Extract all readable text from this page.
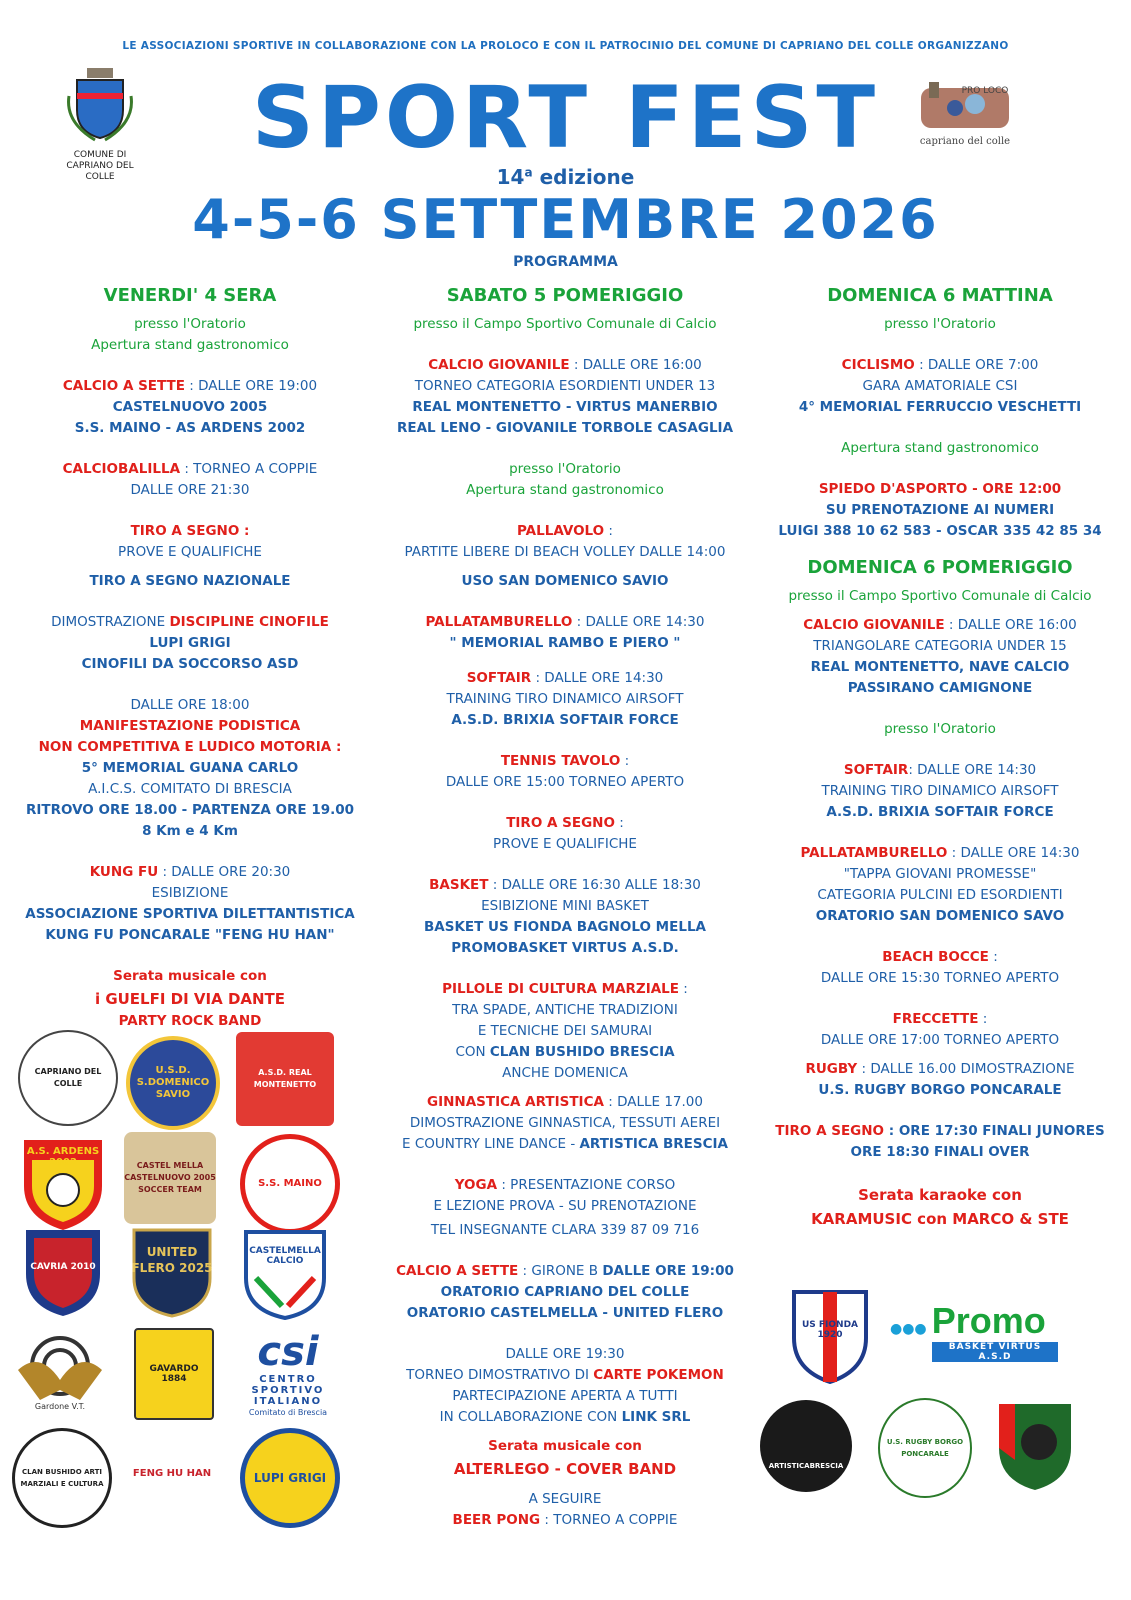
LE ASSOCIAZIONI SPORTIVE IN COLLABORAZIONE CON LA PROLOCO E CON IL PATROCINIO DEL COMUNE DI CAPRIANO DEL COLLE ORGANIZZANO
COMUNE DI
CAPRIANO DEL COLLE
PRO LOCO
capriano del colle
SPORT FEST
14$^a$ edizione
4-5-6 SETTEMBRE 2026
PROGRAMMA
VENERDI' 4 SERA
presso l'Oratorio
Apertura stand gastronomico
CALCIO A SETTE : DALLE ORE 19:00
CASTELNUOVO 2005
S.S. MAINO - AS ARDENS 2002
CALCIOBALILLA : TORNEO A COPPIE
DALLE ORE 21:30
TIRO A SEGNO :
PROVE E QUALIFICHE
TIRO A SEGNO NAZIONALE
DIMOSTRAZIONE DISCIPLINE CINOFILE
LUPI GRIGI
CINOFILI DA SOCCORSO ASD
DALLE ORE 18:00
MANIFESTAZIONE PODISTICA
NON COMPETITIVA E LUDICO MOTORIA :
5° MEMORIAL GUANA CARLO
A.I.C.S. COMITATO DI BRESCIA
RITROVO ORE 18.00 - PARTENZA ORE 19.00
8 Km e 4 Km
KUNG FU : DALLE ORE 20:30
ESIBIZIONE
ASSOCIAZIONE SPORTIVA DILETTANTISTICA
KUNG FU PONCARALE "FENG HU HAN"
Serata musicale con
i GUELFI DI VIA DANTE
PARTY ROCK BAND
SABATO 5 POMERIGGIO
presso il Campo Sportivo Comunale di Calcio
CALCIO GIOVANILE : DALLE ORE 16:00
TORNEO CATEGORIA ESORDIENTI UNDER 13
REAL MONTENETTO - VIRTUS MANERBIO
REAL LENO - GIOVANILE TORBOLE CASAGLIA
presso l'Oratorio
Apertura stand gastronomico
PALLAVOLO :
PARTITE LIBERE DI BEACH VOLLEY DALLE 14:00
USO SAN DOMENICO SAVIO
PALLATAMBURELLO : DALLE ORE 14:30
" MEMORIAL RAMBO E PIERO "
SOFTAIR : DALLE ORE 14:30
TRAINING TIRO DINAMICO AIRSOFT
A.S.D. BRIXIA SOFTAIR FORCE
TENNIS TAVOLO :
DALLE ORE 15:00 TORNEO APERTO
TIRO A SEGNO :
PROVE E QUALIFICHE
BASKET : DALLE ORE 16:30 ALLE 18:30
ESIBIZIONE MINI BASKET
BASKET US FIONDA BAGNOLO MELLA
PROMOBASKET VIRTUS A.S.D.
PILLOLE DI CULTURA MARZIALE :
TRA SPADE, ANTICHE TRADIZIONI
E TECNICHE DEI SAMURAI
CON CLAN BUSHIDO BRESCIA
ANCHE DOMENICA
GINNASTICA ARTISTICA : DALLE 17.00
DIMOSTRAZIONE GINNASTICA, TESSUTI AEREI
E COUNTRY LINE DANCE - ARTISTICA BRESCIA
YOGA : PRESENTAZIONE CORSO
E LEZIONE PROVA - SU PRENOTAZIONE
TEL INSEGNANTE CLARA 339 87 09 716
CALCIO A SETTE : GIRONE B DALLE ORE 19:00
ORATORIO CAPRIANO DEL COLLE
ORATORIO CASTELMELLA - UNITED FLERO
DALLE ORE 19:30
TORNEO DIMOSTRATIVO DI CARTE POKEMON
PARTECIPAZIONE APERTA A TUTTI
IN COLLABORAZIONE CON LINK SRL
Serata musicale con
ALTERLEGO - COVER BAND
A SEGUIRE
BEER PONG : TORNEO A COPPIE
DOMENICA 6 MATTINA
presso l'Oratorio
CICLISMO : DALLE ORE 7:00
GARA AMATORIALE CSI
4° MEMORIAL FERRUCCIO VESCHETTI
Apertura stand gastronomico
SPIEDO D'ASPORTO - ORE 12:00
SU PRENOTAZIONE AI NUMERI
LUIGI 388 10 62 583 - OSCAR 335 42 85 34
DOMENICA 6 POMERIGGIO
presso il Campo Sportivo Comunale di Calcio
CALCIO GIOVANILE : DALLE ORE 16:00
TRIANGOLARE CATEGORIA UNDER 15
REAL MONTENETTO, NAVE CALCIO
PASSIRANO CAMIGNONE
presso l'Oratorio
SOFTAIR: DALLE ORE 14:30
TRAINING TIRO DINAMICO AIRSOFT
A.S.D. BRIXIA SOFTAIR FORCE
PALLATAMBURELLO : DALLE ORE 14:30
"TAPPA GIOVANI PROMESSE"
CATEGORIA PULCINI ED ESORDIENTI
ORATORIO SAN DOMENICO SAVO
BEACH BOCCE :
DALLE ORE 15:30 TORNEO APERTO
FRECCETTE :
DALLE ORE 17:00 TORNEO APERTO
RUGBY : DALLE 16.00 DIMOSTRAZIONE
U.S. RUGBY BORGO PONCARALE
TIRO A SEGNO : ORE 17:30 FINALI JUNORES
ORE 18:30 FINALI OVER
Serata karaoke con
KARAMUSIC con MARCO & STE
CAPRIANO DEL COLLE
U.S.D. S.DOMENICO SAVIO
A.S.D. REAL MONTENETTO
A.S. ARDENS 2002	CASTEL MELLA CASTELNUOVO 2005 SOCCER TEAM
S.S. MAINO
CAVRIA 2010
UNITED FLERO 2025
CASTELMELLA CALCIO
Gardone V.T.
GAVARDO 1884
csi
CENTRO
SPORTIVO
ITALIANO
Comitato di Brescia
CLAN BUSHIDO ARTI MARZIALI E CULTURA
FENG HU HAN	LUPI GRIGI
US FIONDA 1920	●●● Promo
BASKET VIRTUS A.S.D
ARTISTICABRESCIA
U.S. RUGBY BORGO PONCARALE
